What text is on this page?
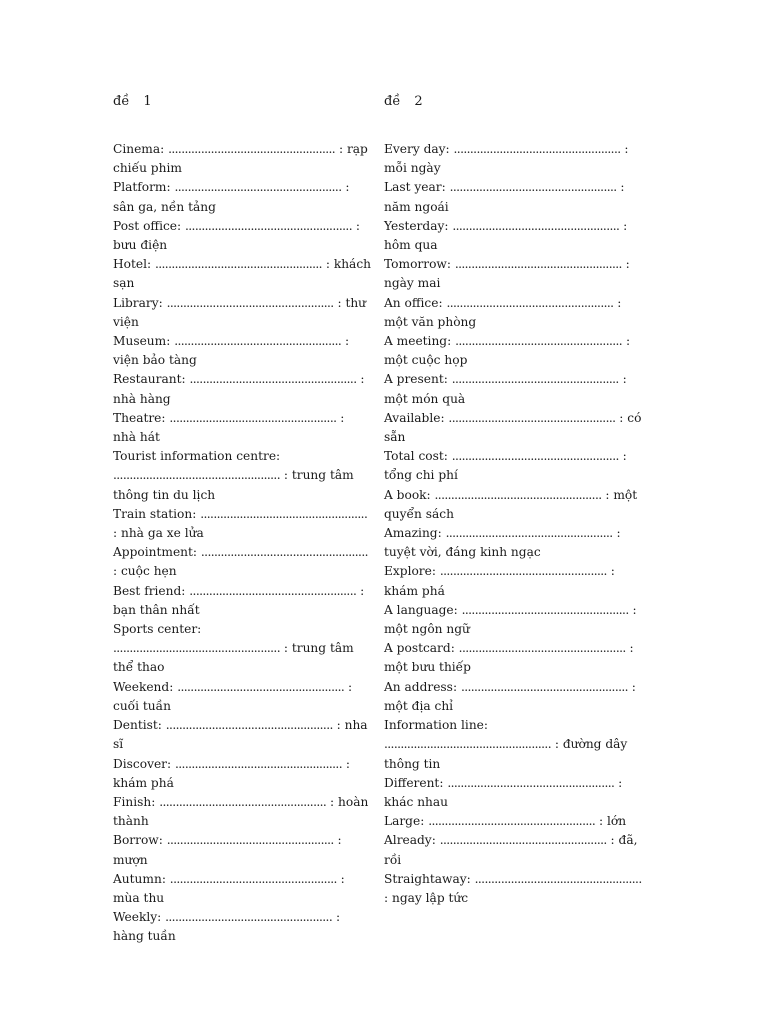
đề 1
Cinema: ................................................... : rạp chiếu phim
Platform: ................................................... : sân ga, nền tảng
Post office: ................................................... : bưu điện
Hotel: ................................................... : khách sạn
Library: ................................................... : thư viện
Museum: ................................................... : viện bảo tàng
Restaurant: ................................................... : nhà hàng
Theatre: ................................................... : nhà hát
Tourist information centre: ................................................... : trung tâm thông tin du lịch
Train station: ................................................... : nhà ga xe lửa
Appointment: ................................................... : cuộc hẹn
Best friend: ................................................... : bạn thân nhất
Sports center: ................................................... : trung tâm thể thao
Weekend: ................................................... : cuối tuần
Dentist: ................................................... : nha sĩ
Discover: ................................................... : khám phá
Finish: ................................................... : hoàn thành
Borrow: ................................................... : mượn
Autumn: ................................................... : mùa thu
Weekly: ................................................... : hàng tuần
đề 2
Every day: ................................................... : mỗi ngày
Last year: ................................................... : năm ngoái
Yesterday: ................................................... : hôm qua
Tomorrow: ................................................... : ngày mai
An office: ................................................... : một văn phòng
A meeting: ................................................... : một cuộc họp
A present: ................................................... : một món quà
Available: ................................................... : có sẵn
Total cost: ................................................... : tổng chi phí
A book: ................................................... : một quyển sách
Amazing: ................................................... : tuyệt vời, đáng kinh ngạc
Explore: ................................................... : khám phá
A language: ................................................... : một ngôn ngữ
A postcard: ................................................... : một bưu thiếp
An address: ................................................... : một địa chỉ
Information line: ................................................... : đường dây thông tin
Different: ................................................... : khác nhau
Large: ................................................... : lớn
Already: ................................................... : đã, rồi
Straightaway: ................................................... : ngay lập tức
